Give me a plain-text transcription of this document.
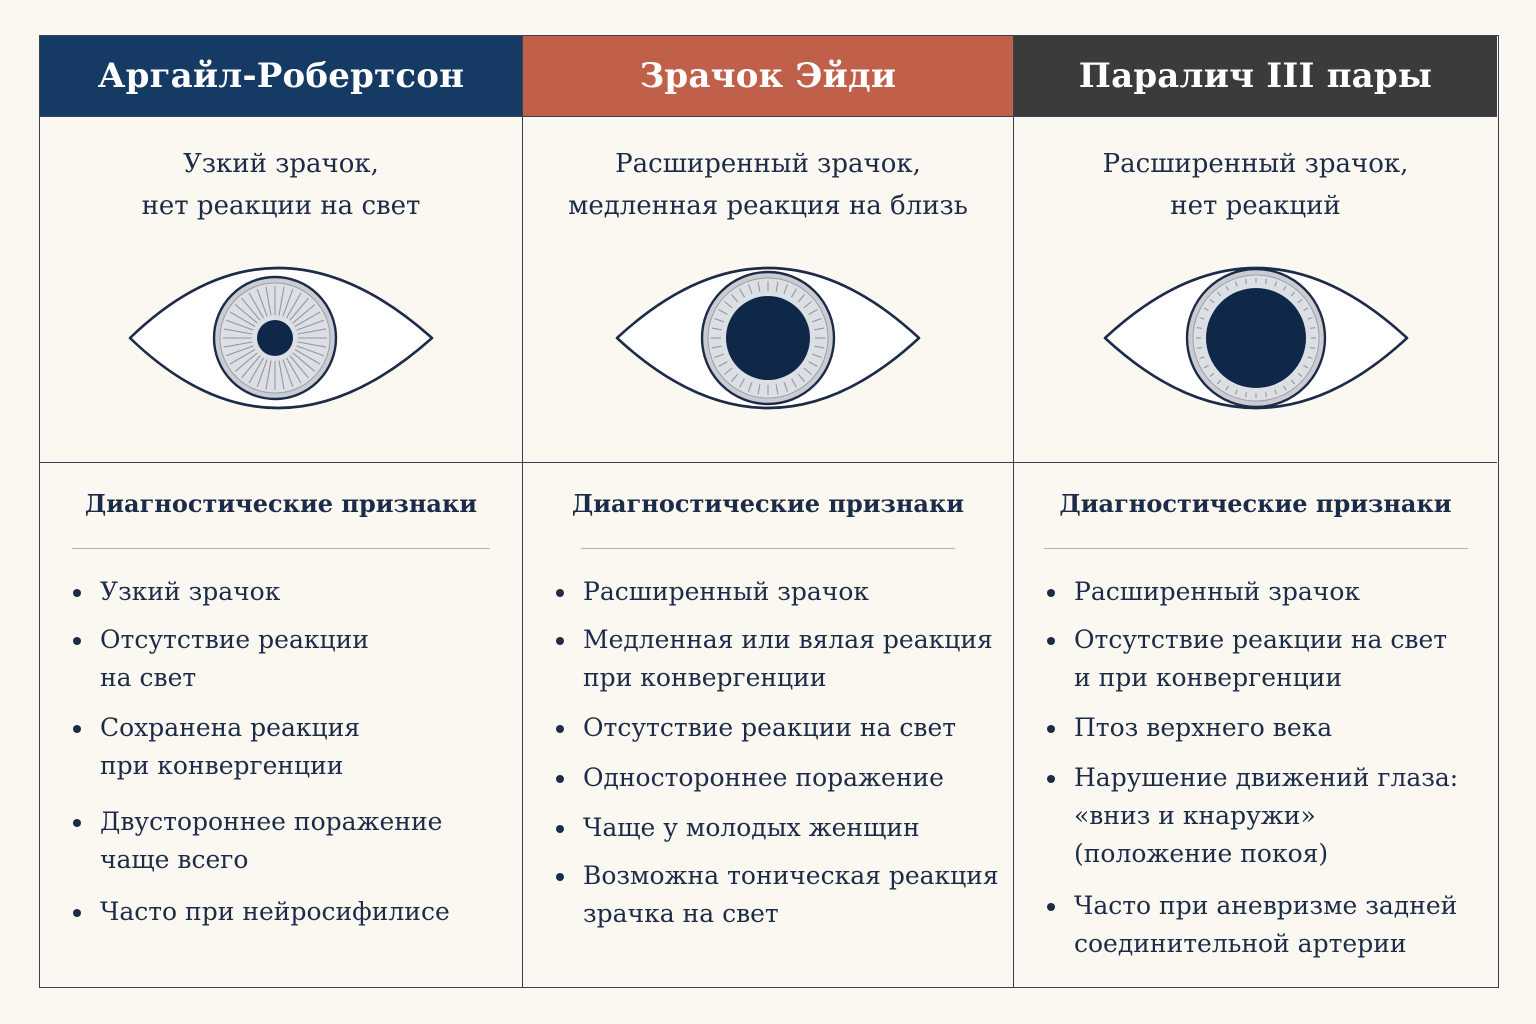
Аргайл-Робертсон
Узкий зрачок,
нет реакции на свет
Диагностические признаки
Узкий зрачок
Отсутствие реакции
на свет
Сохранена реакция
при конвергенции
Двустороннее поражение
чаще всего
Часто при нейросифилисе
Зрачок Эйди
Расширенный зрачок,
медленная реакция на близь
Диагностические признаки
Расширенный зрачок
Медленная или вялая реакция
при конвергенции
Отсутствие реакции на свет
Одностороннее поражение
Чаще у молодых женщин
Возможна тоническая реакция
зрачка на свет
Паралич III пары
Расширенный зрачок,
нет реакций
Диагностические признаки
Расширенный зрачок
Отсутствие реакции на свет
и при конвергенции
Птоз верхнего века
Нарушение движений глаза:
«вниз и кнаружи»
(положение покоя)
Часто при аневризме задней
соединительной артерии
